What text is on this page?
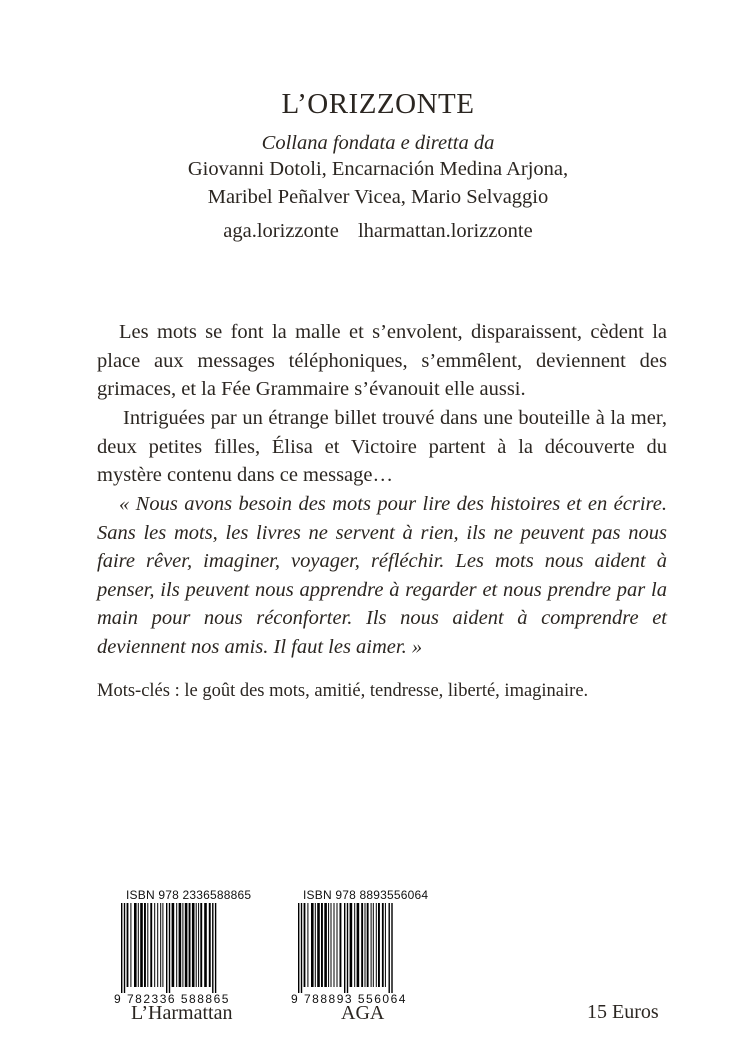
L’ORIZZONTE
Collana fondata e diretta da
Giovanni Dotoli, Encarnación Medina Arjona,
Maribel Peñalver Vicea, Mario Selvaggio
aga.lorizzonte lharmattan.lorizzonte

Les mots se font la malle et s’envolent, disparaissent, cèdent la place aux messages téléphoniques, s’emmêlent, deviennent des grimaces, et la Fée Grammaire s’évanouit elle aussi.

Intriguées par un étrange billet trouvé dans une bouteille à la mer, deux petites filles, Élisa et Victoire partent à la découverte du mystère contenu dans ce message…

« Nous avons besoin des mots pour lire des histoires et en écrire. Sans les mots, les livres ne servent à rien, ils ne peuvent pas nous faire rêver, imaginer, voyager, réfléchir. Les mots nous aident à penser, ils peuvent nous apprendre à regarder et nous prendre par la main pour nous réconforter. Ils nous aident à comprendre et deviennent nos amis. Il faut les aimer. »

Mots-clés : le goût des mots, amitié, tendresse, liberté, imaginaire.
ISBN 978 2336588865
9 782336 588865
L’Harmattan
ISBN 978 8893556064
9 788893 556064
AGA	15 Euros
